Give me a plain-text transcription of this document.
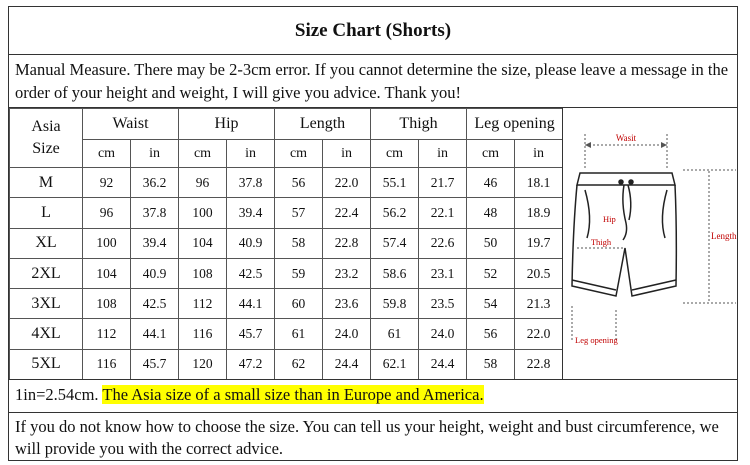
Size Chart (Shorts)
Manual Measure. There may be 2-3cm error. If you cannot determine the size, please leave a message in the order of your height and weight, I will give you advice. Thank you!
Asia
Size	Waist		Hip		Length		Thigh		Leg opening	
	cm	in	cm	in	cm	in	cm	in	cm	in
M	92	36.2	96	37.8	56	22.0	55.1	21.7	46	18.1
L	96	37.8	100	39.4	57	22.4	56.2	22.1	48	18.9
XL	100	39.4	104	40.9	58	22.8	57.4	22.6	50	19.7
2XL	104	40.9	108	42.5	59	23.2	58.6	23.1	52	20.5
3XL	108	42.5	112	44.1	60	23.6	59.8	23.5	54	21.3
4XL	112	44.1	116	45.7	61	24.0	61	24.0	56	22.0
5XL	116	45.7	120	47.2	62	24.4	62.1	24.4	58	22.8
Wasit
Thigh
Hip
Length
Leg opening
1in=2.54cm. The Asia size of a small size than in Europe and America.
If you do not know how to choose the size. You can tell us your height, weight and bust circumference, we will provide you with the correct advice.
